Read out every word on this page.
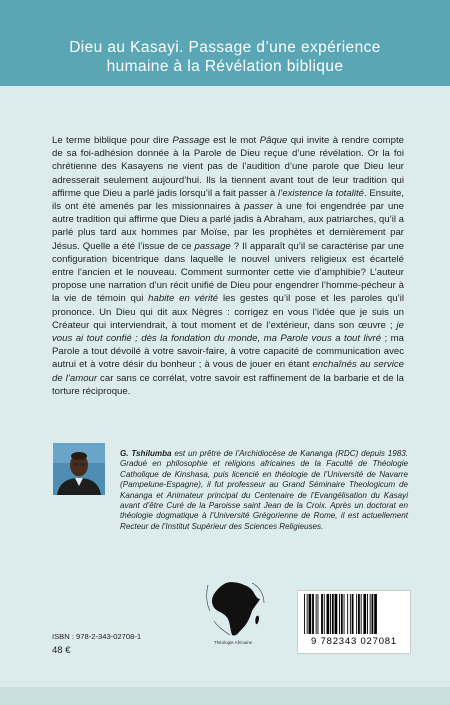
Dieu au Kasayi. Passage d’une expérience
humaine à la Révélation biblique

Le terme biblique pour dire Passage est le mot Pâque qui invite à rendre compte de sa foi-adhésion donnée à la Parole de Dieu reçue d’une révélation. Or la foi chrétienne des Kasayens ne vient pas de l’audition d’une parole que Dieu leur adresserait seulement aujourd’hui. Ils la tiennent avant tout de leur tradition qui affirme que Dieu a parlé jadis lorsqu’il a fait passer à l’existence la totalité. Ensuite, ils ont été amenés par les missionnaires à passer à une foi engendrée par une autre tradition qui affirme que Dieu a parlé jadis à Abraham, aux patriarches, qu’il a parlé plus tard aux hommes par Moïse, par les prophètes et dernièrement par Jésus. Quelle a été l’issue de ce passage ? Il apparaît qu’il se caractérise par une configuration bicentrique dans laquelle le nouvel univers religieux est écartelé entre l’ancien et le nouveau. Comment surmonter cette vie d’amphibie? L’auteur propose une narration d’un récit unifié de Dieu pour engendrer l’homme-pécheur à la vie de témoin qui habite en vérité les gestes qu’il pose et les paroles qu’il prononce. Un Dieu qui dit aux Nègres : corrigez en vous l’idée que je suis un Créateur qui interviendrait, à tout moment et de l’extérieur, dans son œuvre ; je vous ai tout confié ; dès la fondation du monde, ma Parole vous a tout livré ; ma Parole a tout dévoilé à votre savoir-faire, à votre capacité de communication avec autrui et à votre désir du bonheur ; à vous de jouer en étant enchaînés au service de l’amour car sans ce corrélat, votre savoir est raffinement de la barbarie et de la torture réciproque.

G. Tshilumba est un prêtre de l’Archidiocèse de Kananga (RDC) depuis 1983. Gradué en philosophie et religions africaines de la Faculté de Théologie Catholique de Kinshasa, puis licencié en théologie de l’Université de Navarre (Pampelune-Espagne), il fut professeur au Grand Séminaire Theologicum de Kananga et Animateur principal du Centenaire de l’Evangélisation du Kasayi avant d’être Curé de la Paroisse saint Jean de la Croix. Après un doctorat en théologie dogmatique à l’Université Grégorienne de Rome, il est actuellement Recteur de l’Institut Supérieur des Sciences Religieuses.
Théologie Africaine	9 782343 027081
ISBN : 978-2-343-02708-1
48 €
